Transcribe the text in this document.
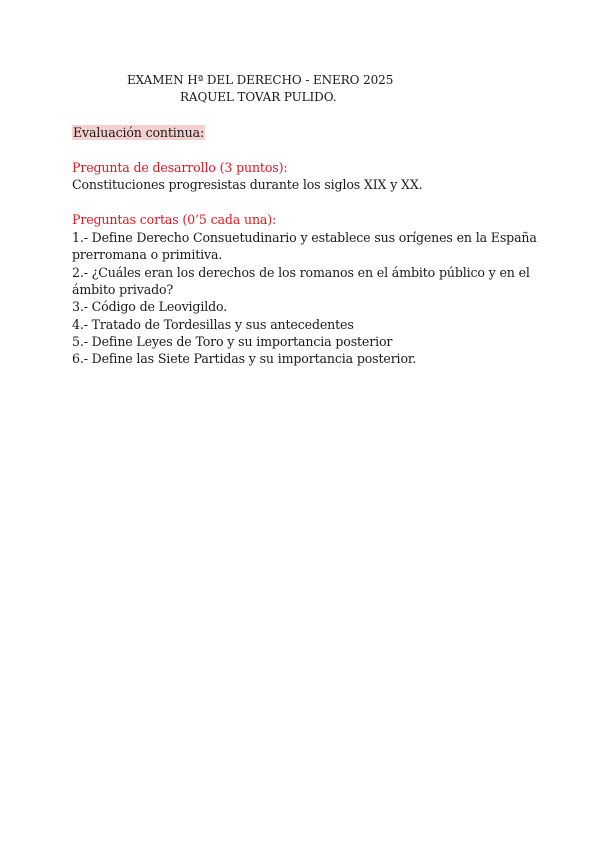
EXAMEN Hª DEL DERECHO - ENERO 2025
RAQUEL TOVAR PULIDO.
Evaluación continua:
Pregunta de desarrollo (3 puntos):
Constituciones progresistas durante los siglos XIX y XX.
Preguntas cortas (0’5 cada una):
1.- Define Derecho Consuetudinario y establece sus orígenes en la España
prerromana o primitiva.
2.- ¿Cuáles eran los derechos de los romanos en el ámbito público y en el
ámbito privado?
3.- Código de Leovigildo.
4.- Tratado de Tordesillas y sus antecedentes
5.- Define Leyes de Toro y su importancia posterior
6.- Define las Siete Partidas y su importancia posterior.
